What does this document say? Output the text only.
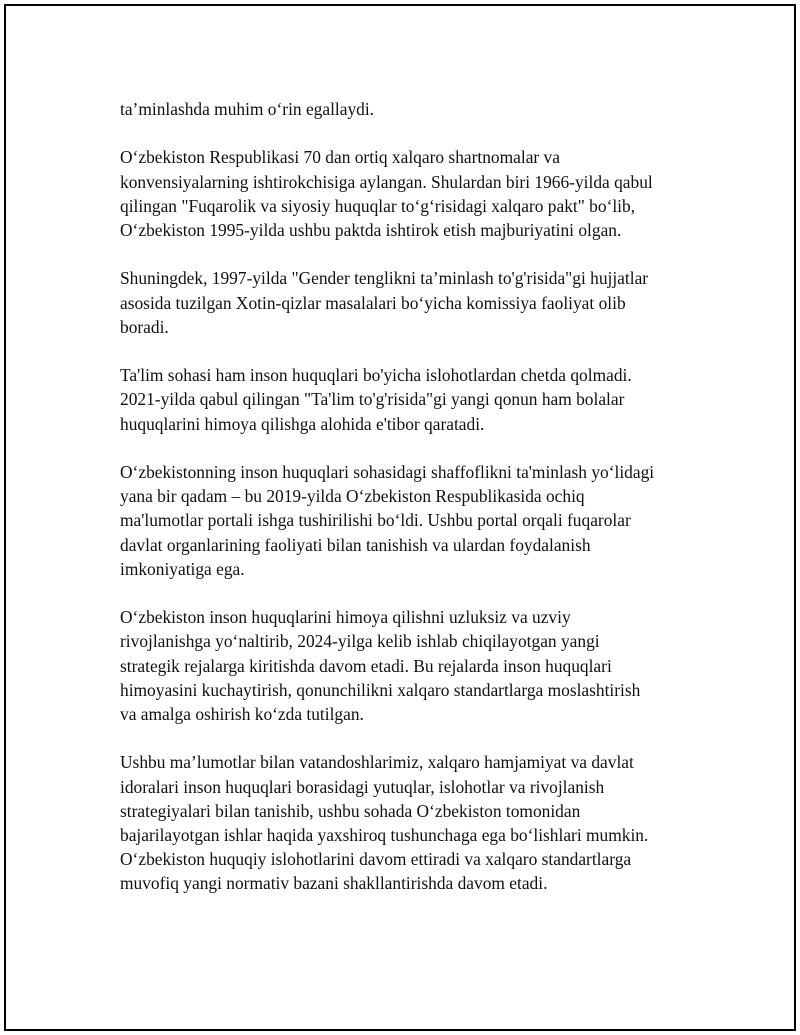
ta’minlashda muhim o‘rin egallaydi.

O‘zbekiston Respublikasi 70 dan ortiq xalqaro shartnomalar va
konvensiyalarning ishtirokchisiga aylangan. Shulardan biri 1966-yilda qabul
qilingan "Fuqarolik va siyosiy huquqlar to‘g‘risidagi xalqaro pakt" bo‘lib,
O‘zbekiston 1995-yilda ushbu paktda ishtirok etish majburiyatini olgan.

Shuningdek, 1997-yilda "Gender tenglikni ta’minlash to'g'risida"gi hujjatlar
asosida tuzilgan Xotin-qizlar masalalari bo‘yicha komissiya faoliyat olib
boradi.

Ta'lim sohasi ham inson huquqlari bo'yicha islohotlardan chetda qolmadi.
2021-yilda qabul qilingan "Ta'lim to'g'risida"gi yangi qonun ham bolalar
huquqlarini himoya qilishga alohida e'tibor qaratadi.

O‘zbekistonning inson huquqlari sohasidagi shaffoflikni ta'minlash yo‘lidagi
yana bir qadam – bu 2019-yilda O‘zbekiston Respublikasida ochiq
ma'lumotlar portali ishga tushirilishi bo‘ldi. Ushbu portal orqali fuqarolar
davlat organlarining faoliyati bilan tanishish va ulardan foydalanish
imkoniyatiga ega.

O‘zbekiston inson huquqlarini himoya qilishni uzluksiz va uzviy
rivojlanishga yo‘naltirib, 2024-yilga kelib ishlab chiqilayotgan yangi
strategik rejalarga kiritishda davom etadi. Bu rejalarda inson huquqlari
himoyasini kuchaytirish, qonunchilikni xalqaro standartlarga moslashtirish
va amalga oshirish ko‘zda tutilgan.

Ushbu ma’lumotlar bilan vatandoshlarimiz, xalqaro hamjamiyat va davlat
idoralari inson huquqlari borasidagi yutuqlar, islohotlar va rivojlanish
strategiyalari bilan tanishib, ushbu sohada O‘zbekiston tomonidan
bajarilayotgan ishlar haqida yaxshiroq tushunchaga ega bo‘lishlari mumkin.
O‘zbekiston huquqiy islohotlarini davom ettiradi va xalqaro standartlarga
muvofiq yangi normativ bazani shakllantirishda davom etadi.
